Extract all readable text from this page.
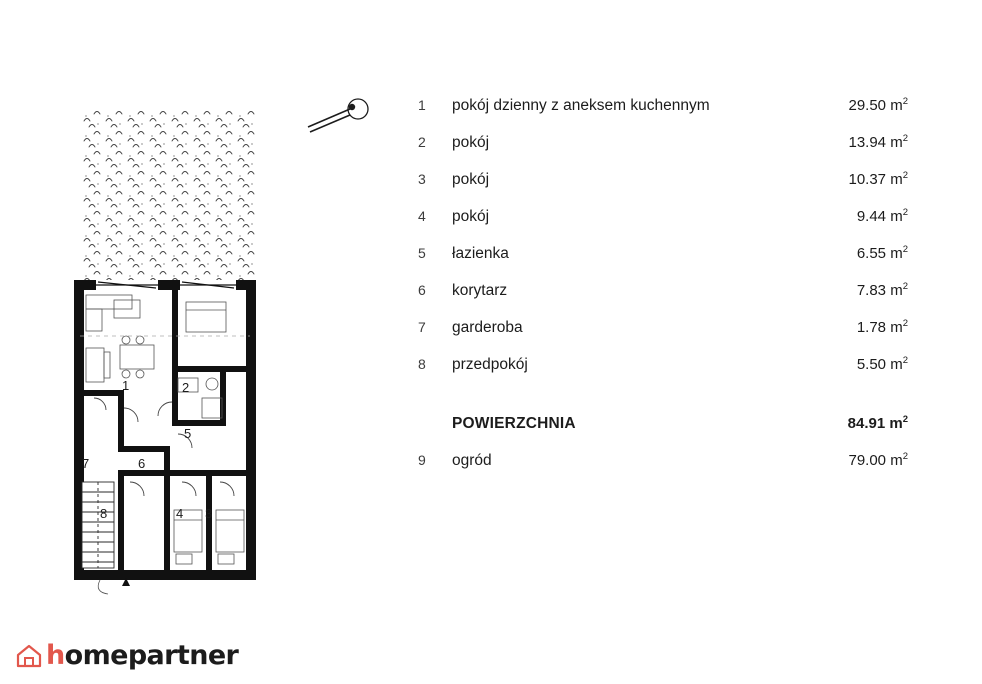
1	2
3
4
5
6
7
8
1	pokój dzienny z aneksem kuchennym	29.50 $m^2$
2	pokój	13.94 $m^2$
3	pokój	10.37 $m^2$
4	pokój	9.44 $m^2$
5	łazienka	6.55 $m^2$
6	korytarz	7.83 $m^2$
7	garderoba	1.78 $m^2$
8	przedpokój	5.50 $m^2$
POWIERZCHNIA	84.91 $m^2$
9	ogród	79.00 $m^2$
homepartner
